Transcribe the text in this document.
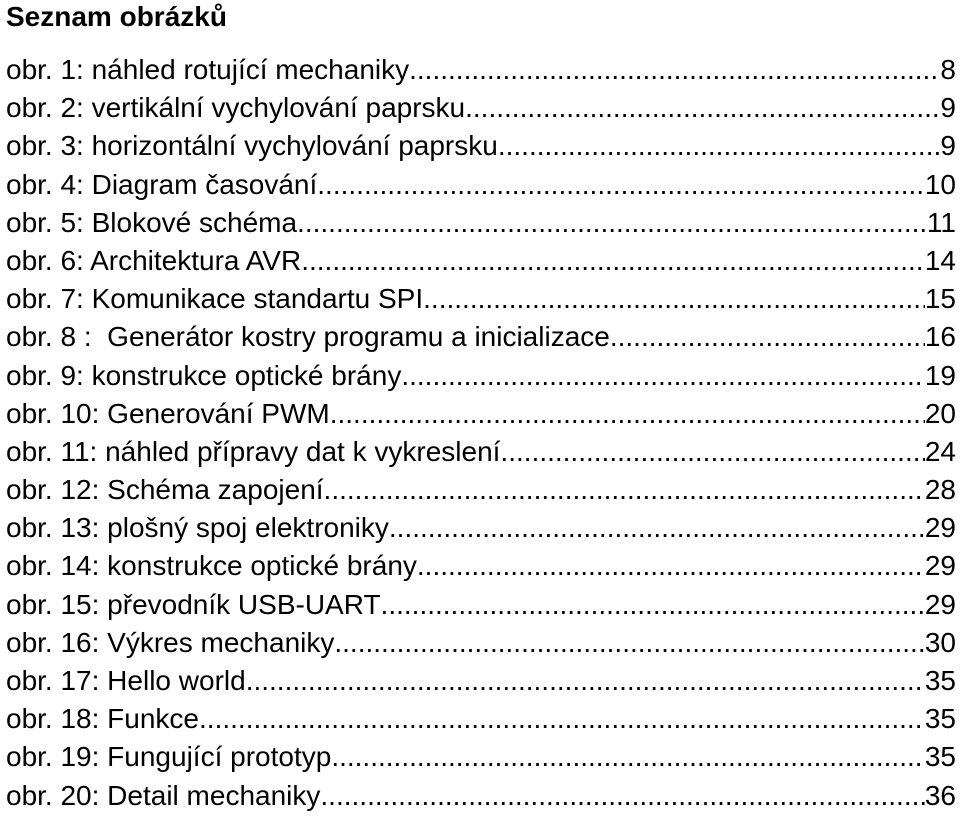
Seznam obrázků
obr. 1: náhled rotující mechaniky .....	8
obr. 2: vertikální vychylování paprsku .....	9
obr. 3: horizontální vychylování paprsku .....	9
obr. 4: Diagram časování .....	10
obr. 5: Blokové schéma .....	11
obr. 6: Architektura AVR .....	14
obr. 7: Komunikace standartu SPI .....	15
obr. 8 :  Generátor kostry programu a inicializace .....	16
obr. 9: konstrukce optické brány .....	19
obr. 10: Generování PWM .....	20
obr. 11: náhled přípravy dat k vykreslení .....	24
obr. 12: Schéma zapojení .....	28
obr. 13: plošný spoj elektroniky .....	29
obr. 14: konstrukce optické brány .....	29
obr. 15: převodník USB-UART .....	29
obr. 16: Výkres mechaniky .....	30
obr. 17: Hello world .....	35
obr. 18: Funkce .....	35
obr. 19: Fungující prototyp .....	35
obr. 20: Detail mechaniky .....	36
